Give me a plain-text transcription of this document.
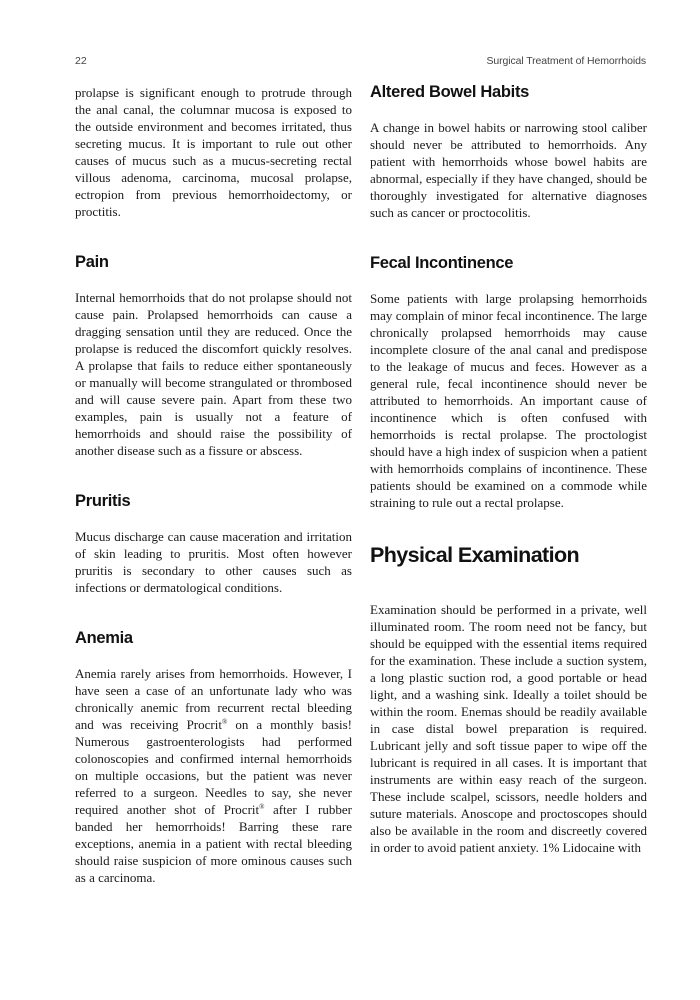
22	Surgical Treatment of Hemorrhoids

prolapse is significant enough to protrude through the anal canal, the columnar mucosa is exposed to the outside environment and becomes irritated, thus secreting mucus. It is important to rule out other causes of mucus such as a mucus-secreting rectal villous adenoma, carcinoma, mucosal prolapse, ectropion from previous hemorrhoidectomy, or proctitis.

Pain

Internal hemorrhoids that do not prolapse should not cause pain. Prolapsed hemorrhoids can cause a dragging sensation until they are reduced. Once the prolapse is reduced the discomfort quickly resolves. A prolapse that fails to reduce either spontaneously or manually will become strangulated or thrombosed and will cause severe pain. Apart from these two examples, pain is usually not a feature of hemorrhoids and should raise the possibility of another disease such as a fissure or abscess.

Pruritis

Mucus discharge can cause maceration and irritation of skin leading to pruritis. Most often however pruritis is secondary to other causes such as infections or dermatological conditions.

Anemia

Anemia rarely arises from hemorrhoids. However, I have seen a case of an unfortunate lady who was chronically anemic from recurrent rectal bleeding and was receiving Procrit® on a monthly basis! Numerous gastroenterologists had performed colonoscopies and confirmed internal hemorrhoids on multiple occasions, but the patient was never referred to a surgeon. Needles to say, she never required another shot of Procrit® after I rubber banded her hemorrhoids! Barring these rare exceptions, anemia in a patient with rectal bleeding should raise suspicion of more ominous causes such as a carcinoma.

Altered Bowel Habits

A change in bowel habits or narrowing stool caliber should never be attributed to hemorrhoids. Any patient with hemorrhoids whose bowel habits are abnormal, especially if they have changed, should be thoroughly investigated for alternative diagnoses such as cancer or proctocolitis.

Fecal Incontinence

Some patients with large prolapsing hemorrhoids may complain of minor fecal incontinence. The large chronically prolapsed hemorrhoids may cause incomplete closure of the anal canal and predispose to the leakage of mucus and feces. However as a general rule, fecal incontinence should never be attributed to hemorrhoids. An important cause of incontinence which is often confused with hemorrhoids is rectal prolapse. The proctologist should have a high index of suspicion when a patient with hemorrhoids complains of incontinence. These patients should be examined on a commode while straining to rule out a rectal prolapse.

Physical Examination

Examination should be performed in a private, well illuminated room. The room need not be fancy, but should be equipped with the essential items required for the examination. These include a suction system, a long plastic suction rod, a good portable or head light, and a washing sink. Ideally a toilet should be within the room. Enemas should be readily available in case distal bowel preparation is required. Lubricant jelly and soft tissue paper to wipe off the lubricant is required in all cases. It is important that instruments are within easy reach of the surgeon. These include scalpel, scissors, needle holders and suture materials. Anoscope and proctoscopes should also be available in the room and discreetly covered in order to avoid patient anxiety. 1% Lidocaine with
